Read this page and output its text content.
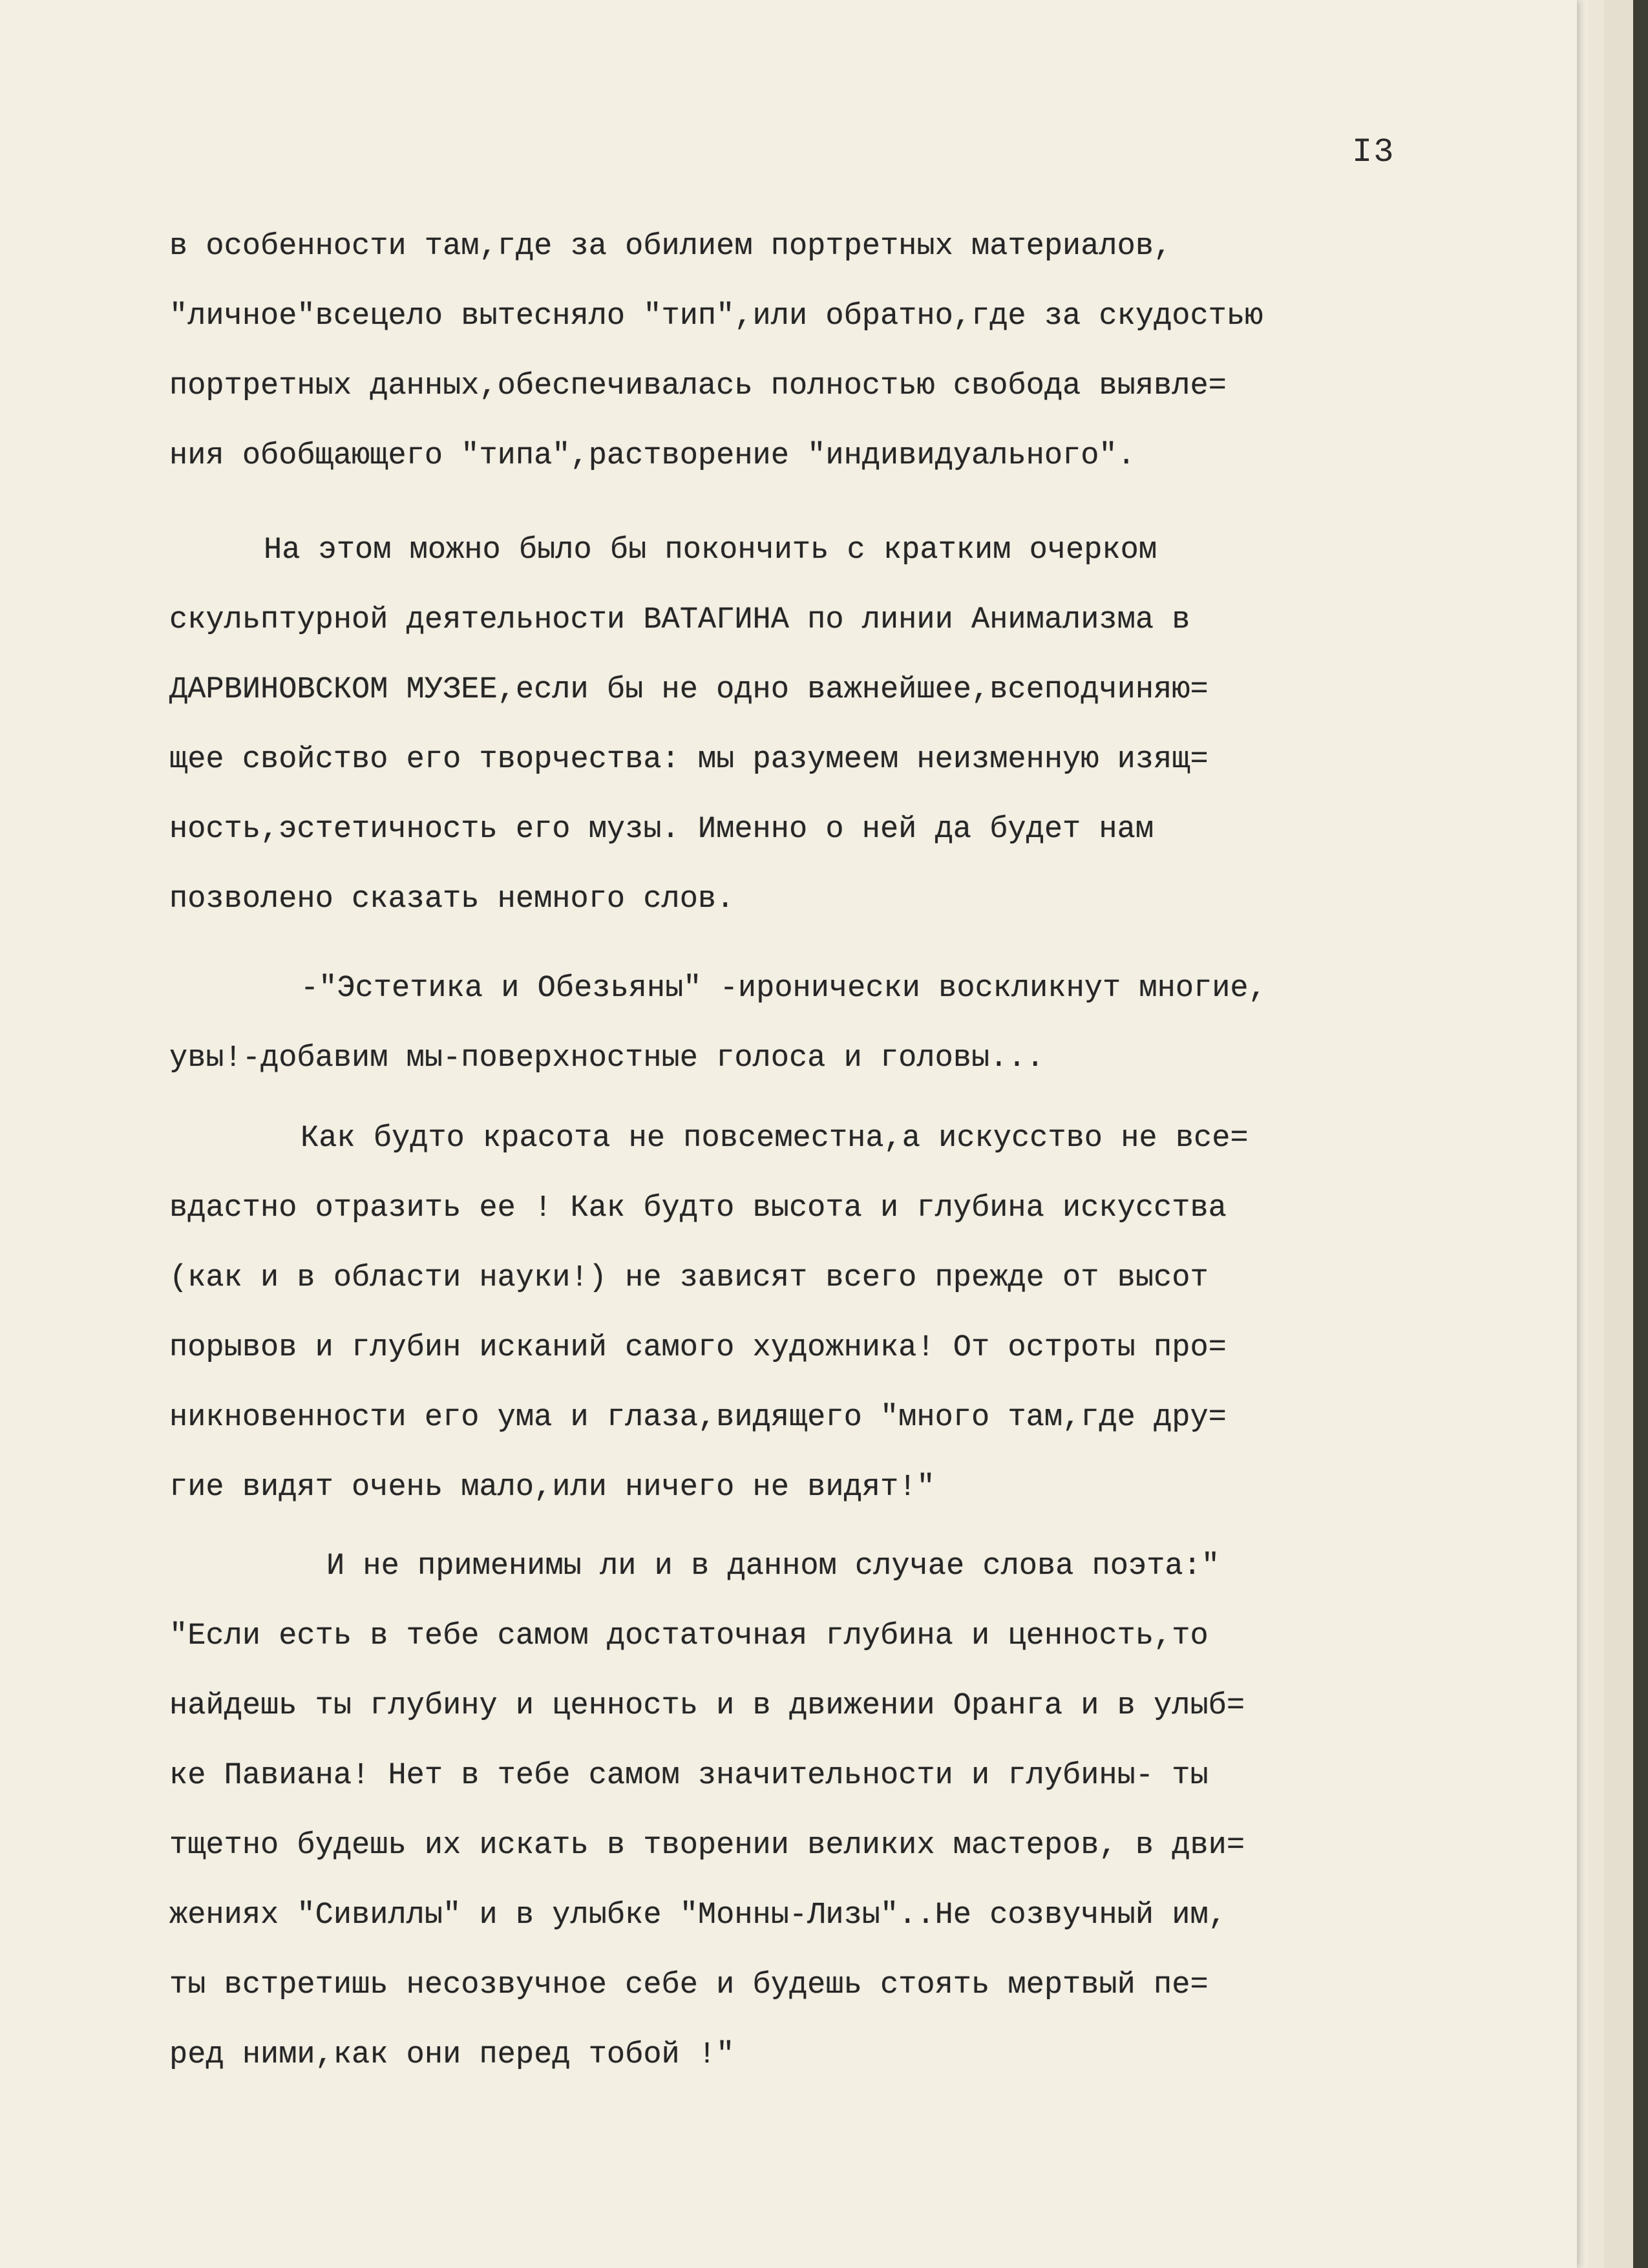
I3
в особенности там,где за обилием портретных материалов,
"личное"всецело вытесняло "тип",или обратно,где за скудостью
портретных данных,обеспечивалась полностью свобода выявле=
ния обобщающего "типа",растворение "индивидуального".
На этом можно было бы покончить с кратким очерком
скульптурной деятельности ВАТАГИНА по линии Анимализма в
ДАРВИНОВСКОМ МУЗЕЕ,если бы не одно важнейшее,всеподчиняю=
щее свойство его творчества: мы разумеем неизменную изящ=
ность,эстетичность его музы. Именно о ней да будет нам
позволено сказать немного слов.
-"Эстетика и Обезьяны" -иронически воскликнут многие,
увы!-добавим мы-поверхностные голоса и головы...
Как будто красота не повсеместна,а искусство не все=
вдастно отразить ее ! Как будто высота и глубина искусства
(как и в области науки!) не зависят всего прежде от высот
порывов и глубин исканий самого художника! От остроты про=
никновенности его ума и глаза,видящего "много там,где дру=
гие видят очень мало,или ничего не видят!"
И не применимы ли и в данном случае слова поэта:"
"Если есть в тебе самом достаточная глубина и ценность,то
найдешь ты глубину и ценность и в движении Оранга и в улыб=
ке Павиана! Нет в тебе самом значительности и глубины- ты
тщетно будешь их искать в творении великих мастеров, в дви=
жениях "Сивиллы" и в улыбке "Монны-Лизы"..Не созвучный им,
ты встретишь несозвучное себе и будешь стоять мертвый пе=
ред ними,как они перед тобой !"
